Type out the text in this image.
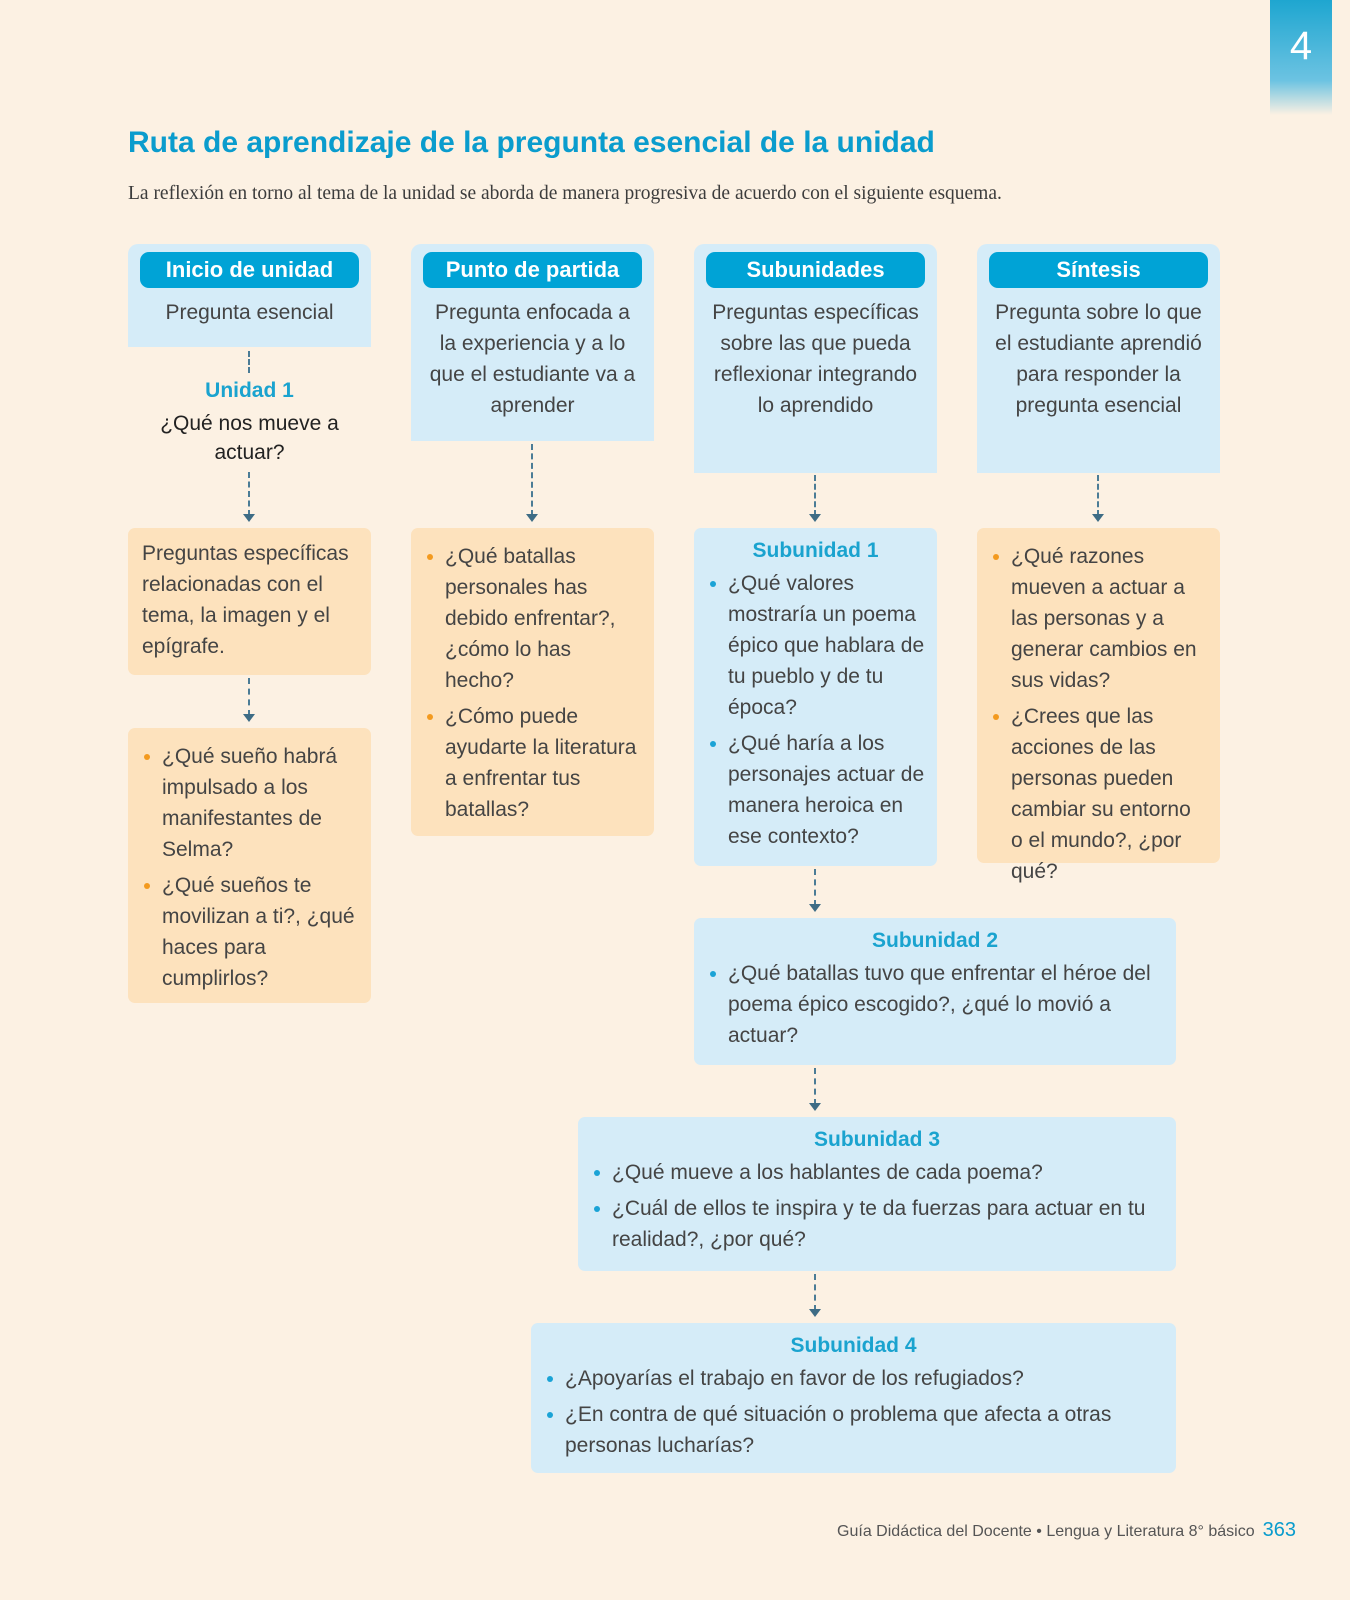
4
Ruta de aprendizaje de la pregunta esencial de la unidad

La reflexión en torno al tema de la unidad se aborda de manera progresiva de acuerdo con el siguiente esquema.

Inicio de unidad
Pregunta esencial
Punto de partida
Pregunta enfocada a la experiencia y a lo que el estudiante va a aprender
Subunidades
Preguntas específicas sobre las que pueda reflexionar integrando lo aprendido
Síntesis
Pregunta sobre lo que el estudiante aprendió para responder la pregunta esencial
Unidad 1
¿Qué nos mueve a actuar?
Preguntas específicas relacionadas con el tema, la imagen y el epígrafe.
¿Qué sueño habrá impulsado a los manifestantes de Selma?
¿Qué sueños te movilizan a ti?, ¿qué haces para cumplirlos?
¿Qué batallas personales has debido enfrentar?, ¿cómo lo has hecho?
¿Cómo puede ayudarte la literatura a enfrentar tus batallas?
Subunidad 1
¿Qué valores mostraría un poema épico que hablara de tu pueblo y de tu época?
¿Qué haría a los personajes actuar de manera heroica en ese contexto?
Subunidad 2
¿Qué batallas tuvo que enfrentar el héroe del poema épico escogido?, ¿qué lo movió a actuar?
Subunidad 3
¿Qué mueve a los hablantes de cada poema?
¿Cuál de ellos te inspira y te da fuerzas para actuar en tu realidad?, ¿por qué?
Subunidad 4
¿Apoyarías el trabajo en favor de los refugiados?
¿En contra de qué situación o problema que afecta a otras personas lucharías?
¿Qué razones mueven a actuar a las personas y a generar cambios en sus vidas?
¿Crees que las acciones de las personas pueden cambiar su entorno o el mundo?, ¿por qué?
Guía Didáctica del Docente • Lengua y Literatura 8° básico 363
